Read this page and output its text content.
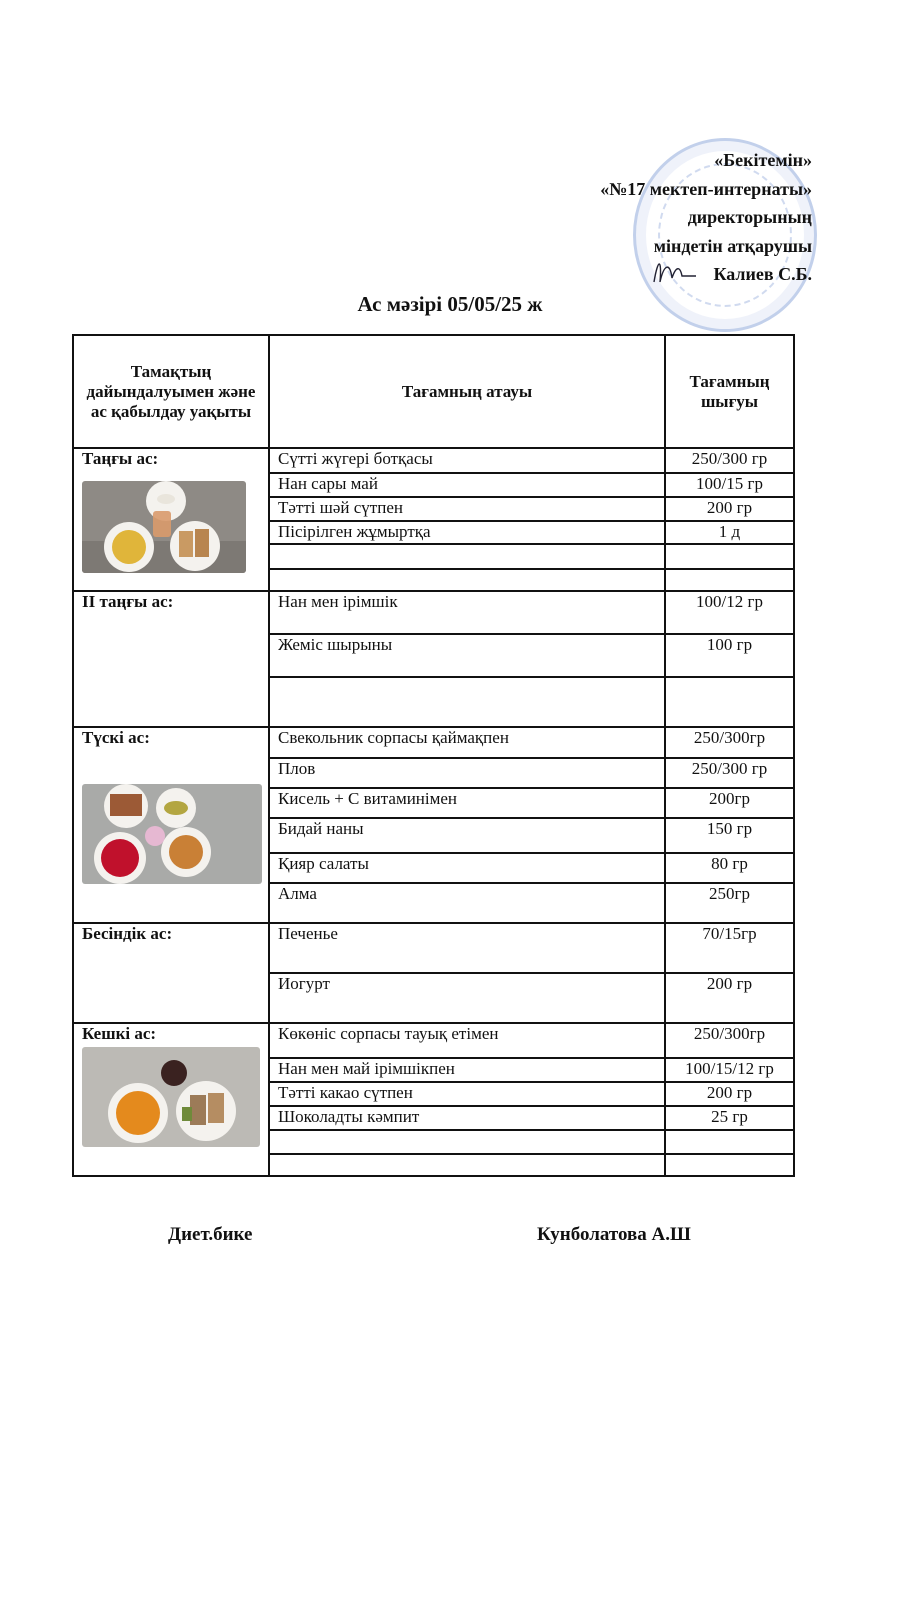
«Бекітемін»
«№17 мектеп-интернаты»
директорының
міндетін атқарушы
Калиев С.Б.
Ас мәзірі 05/05/25 ж
Тамақтың дайындалуымен және ас қабылдау уақыты	Тағамның атауы	Тағамның шығуы

Таңғы ас:	Сүтті жүгері ботқасы	250/300 гр
	Нан сары май	100/15 гр
	Тәтті шәй сүтпен	200 гр
	Пісірілген жұмыртқа	1 д

ІІ таңғы ас:	Нан мен ірімшік	100/12 гр
	Жеміс шырыны	100 гр

Түскі ас:	Свекольник сорпасы қаймақпен	250/300гр
	Плов	250/300 гр
	Кисель + С витаминімен	200гр
	Бидай наны	150 гр
	Қияр салаты	80 гр
	Алма	250гр

Бесіндік ас:	Печенье	70/15гр
	Иогурт	200 гр

Кешкі ас:	Көкөніс сорпасы тауық етімен	250/300гр
	Нан мен май ірімшікпен	100/15/12 гр
	Тәтті какао сүтпен	200 гр
	Шоколадты кәмпит	25 гр

Диет.бике	Кунболатова А.Ш
